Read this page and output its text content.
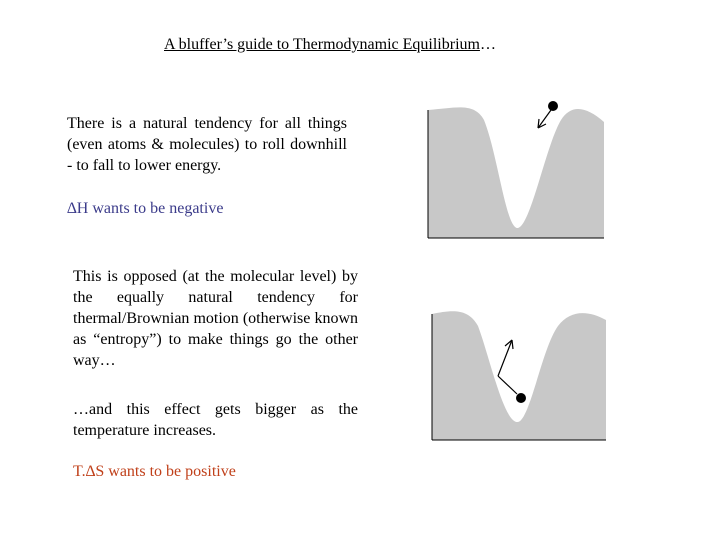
A bluffer’s guide to Thermodynamic Equilibrium…
There is a natural tendency for all things (even atoms & molecules) to roll downhill - to fall to lower energy.
∆H wants to be negative
This is opposed (at the molecular level) by the equally natural tendency for thermal/Brownian motion (otherwise known as “entropy”) to make things go the other way…
…and this effect gets bigger as the temperature increases.
T.∆S wants to be positive
